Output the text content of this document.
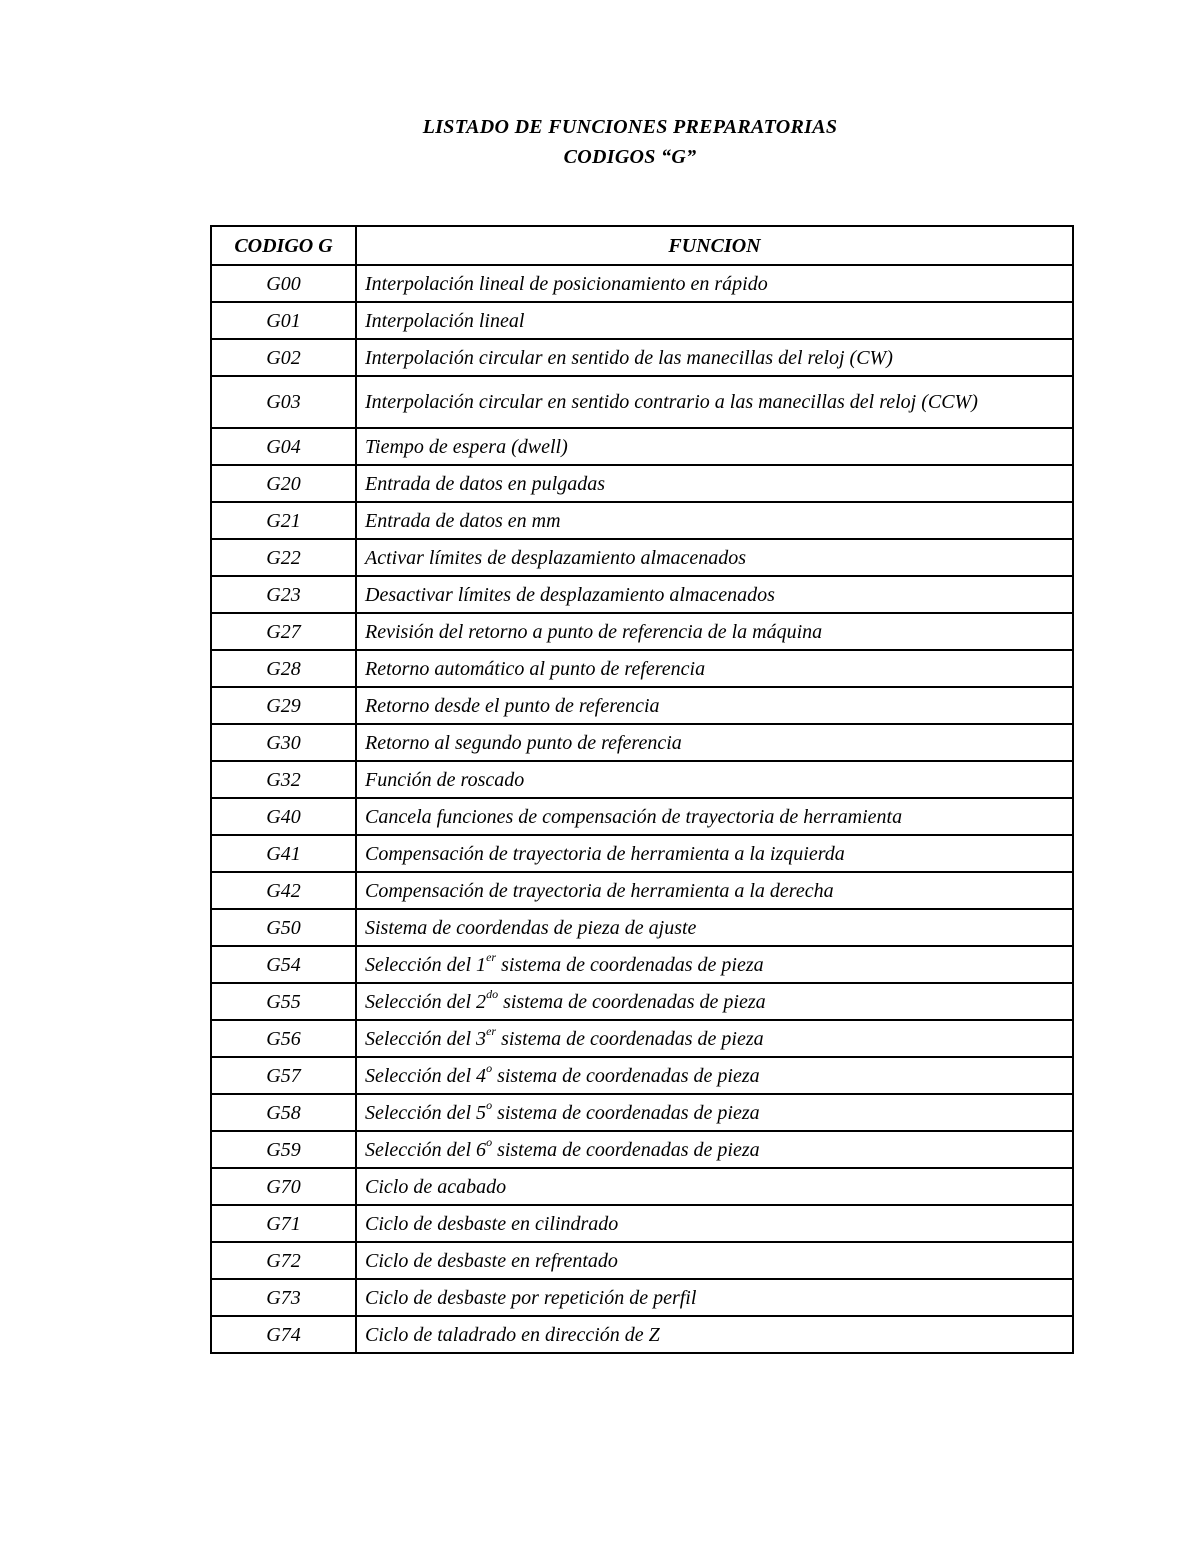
LISTADO DE FUNCIONES PREPARATORIAS
CODIGOS “G”
CODIGO G	FUNCION
G00	Interpolación lineal de posicionamiento en rápido
G01	Interpolación lineal
G02	Interpolación circular en sentido de las manecillas del reloj (CW)
G03	Interpolación circular en sentido contrario a las manecillas del reloj (CCW)
G04	Tiempo de espera (dwell)
G20	Entrada de datos en pulgadas
G21	Entrada de datos en mm
G22	Activar límites de desplazamiento almacenados
G23	Desactivar límites de desplazamiento almacenados
G27	Revisión del retorno a punto de referencia de la máquina
G28	Retorno automático al punto de referencia
G29	Retorno desde el punto de referencia
G30	Retorno al segundo punto de referencia
G32	Función de roscado
G40	Cancela funciones de compensación de trayectoria de herramienta
G41	Compensación de trayectoria de herramienta a la izquierda
G42	Compensación de trayectoria de herramienta a la derecha
G50	Sistema de coordendas de pieza de ajuste
G54	Selección del 1er sistema de coordenadas de pieza
G55	Selección del $2^{do}$ sistema de coordenadas de pieza
G56	Selección del 3er sistema de coordenadas de pieza
G57	Selección del 4$^o$ sistema de coordenadas de pieza
G58	Selección del 5$^o$ sistema de coordenadas de pieza
G59	Selección del 6$^o$ sistema de coordenadas de pieza
G70	Ciclo de acabado
G71	Ciclo de desbaste en cilindrado
G72	Ciclo de desbaste en refrentado
G73	Ciclo de desbaste por repetición de perfil
G74	Ciclo de taladrado en dirección de Z
